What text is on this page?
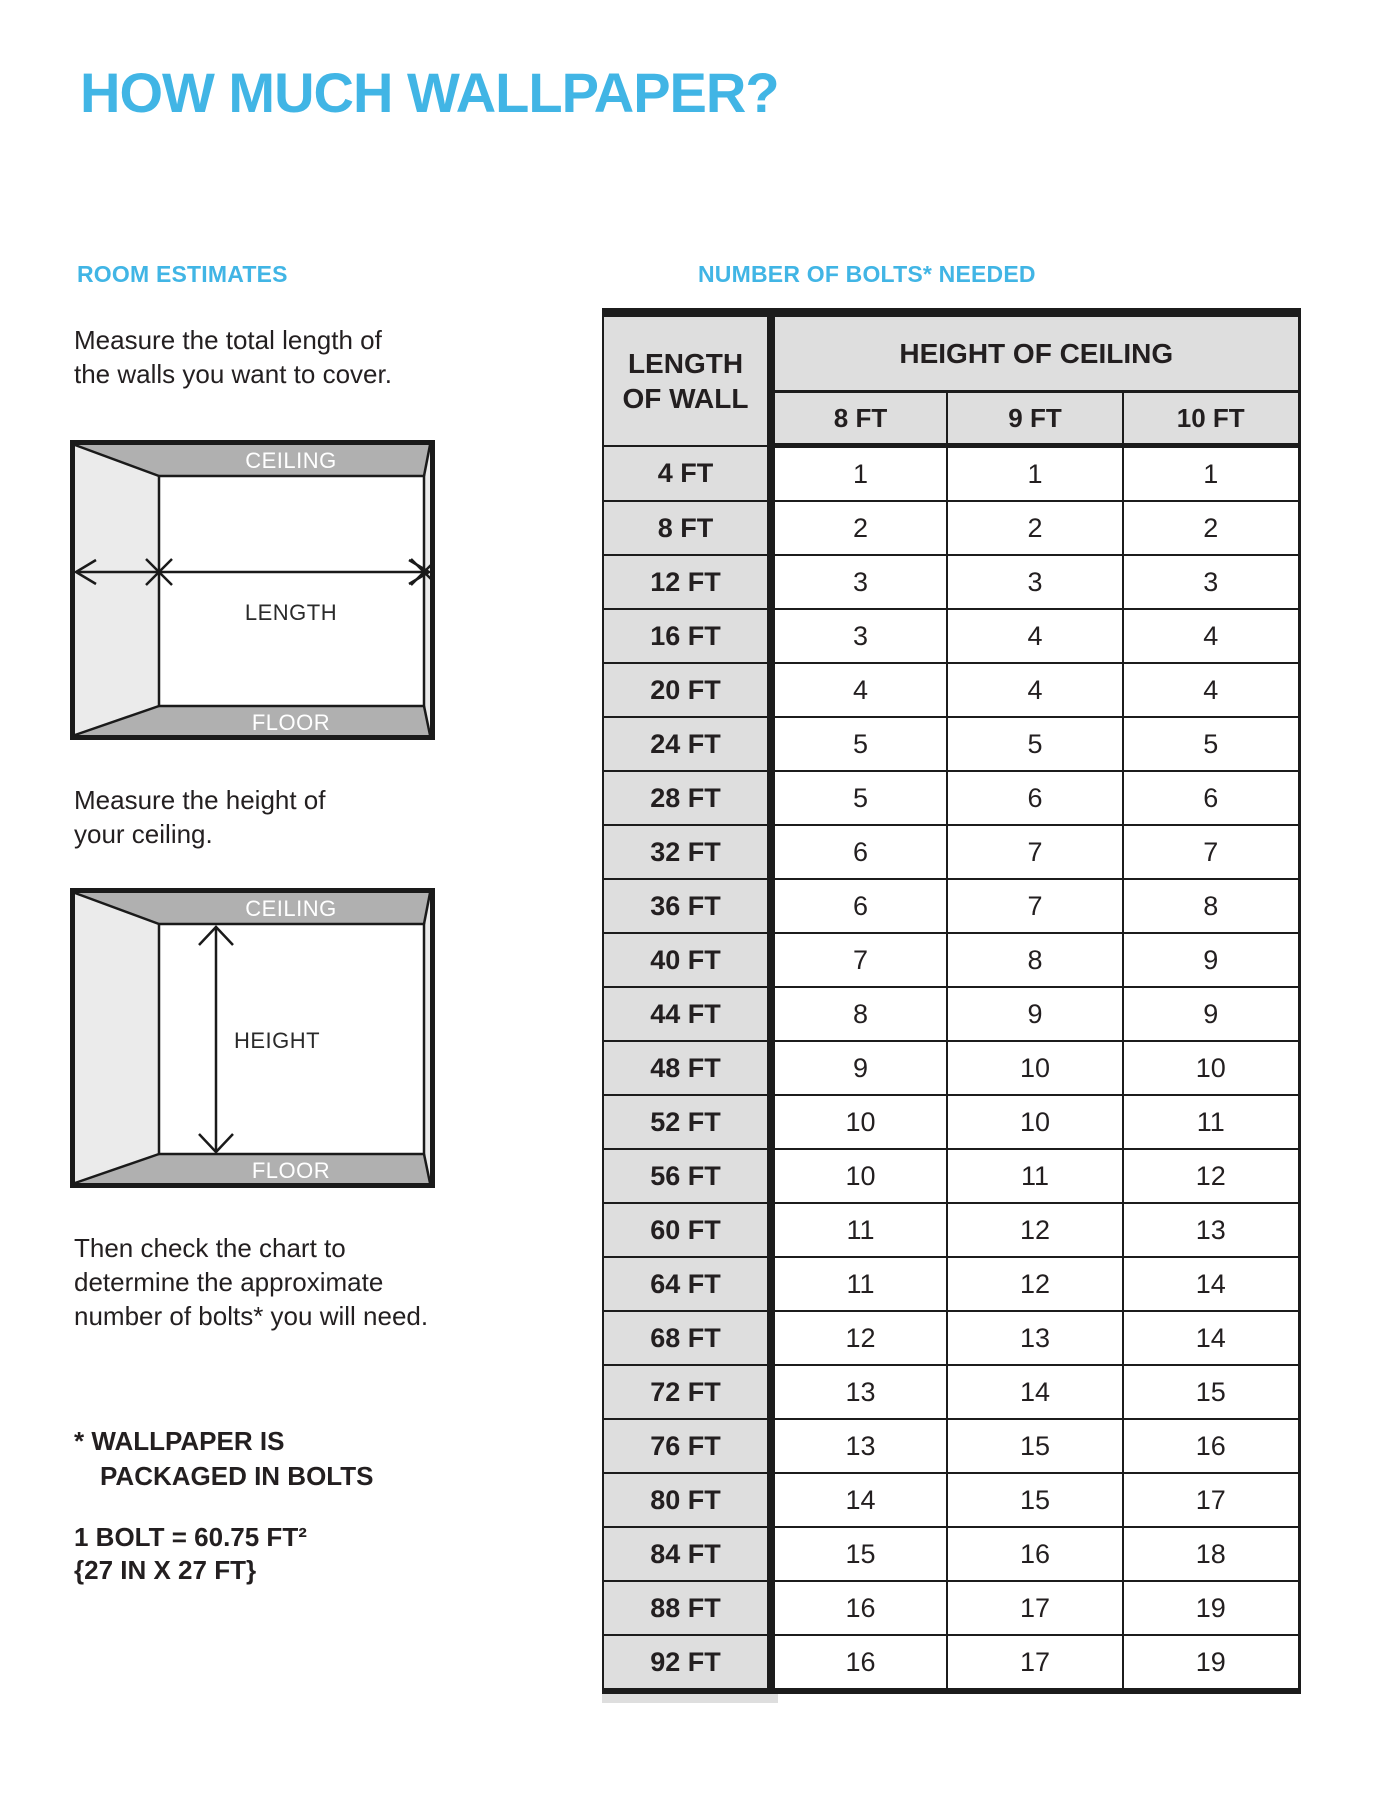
HOW MUCH WALLPAPER?
ROOM ESTIMATES
Measure the total length of
the walls you want to cover.
CEILING
FLOOR
LENGTH
Measure the height of
your ceiling.
CEILING
FLOOR
HEIGHT
Then check the chart to
determine the approximate
number of bolts* you will need.
* WALLPAPER IS
PACKAGED IN BOLTS
1 BOLT = 60.75 FT²
{27 IN X 27 FT}
NUMBER OF BOLTS* NEEDED
LENGTH OF WALL	HEIGHT OF CEILING		
	8 FT	9 FT	10 FT
4 FT	1	1	1
8 FT	2	2	2
12 FT	3	3	3
16 FT	3	4	4
20 FT	4	4	4
24 FT	5	5	5
28 FT	5	6	6
32 FT	6	7	7
36 FT	6	7	8
40 FT	7	8	9
44 FT	8	9	9
48 FT	9	10	10
52 FT	10	10	11
56 FT	10	11	12
60 FT	11	12	13
64 FT	11	12	14
68 FT	12	13	14
72 FT	13	14	15
76 FT	13	15	16
80 FT	14	15	17
84 FT	15	16	18
88 FT	16	17	19
92 FT	16	17	19
